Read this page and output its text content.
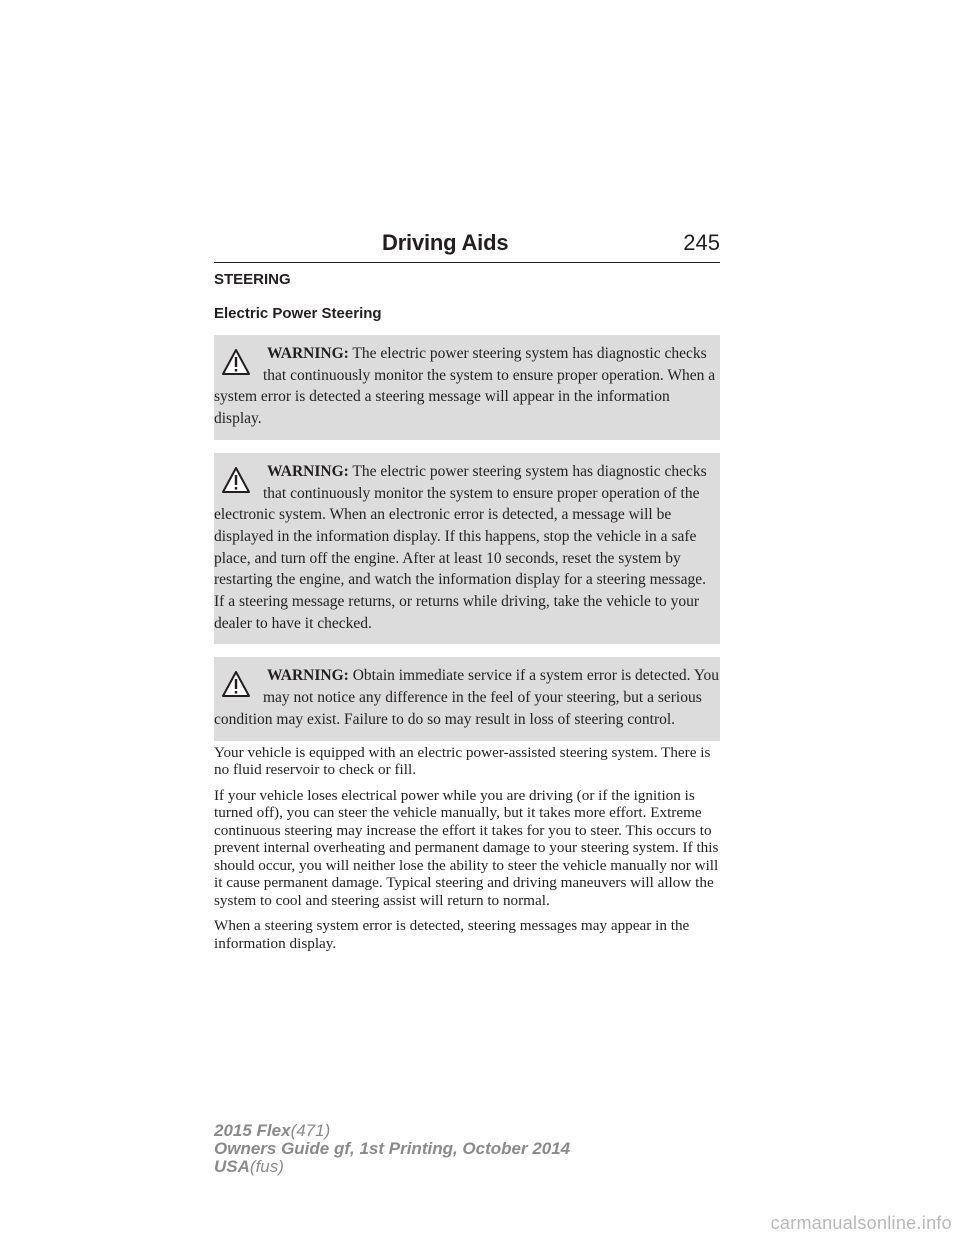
Driving Aids	245
STEERING
Electric Power Steering
WARNING: The electric power steering system has diagnostic checks that continuously monitor the system to ensure proper operation. When a system error is detected a steering message will appear in the information display.
WARNING: The electric power steering system has diagnostic checks that continuously monitor the system to ensure proper operation of the electronic system. When an electronic error is detected, a message will be displayed in the information display. If this happens, stop the vehicle in a safe place, and turn off the engine. After at least 10 seconds, reset the system by restarting the engine, and watch the information display for a steering message. If a steering message returns, or returns while driving, take the vehicle to your dealer to have it checked.
WARNING: Obtain immediate service if a system error is detected. You may not notice any difference in the feel of your steering, but a serious condition may exist. Failure to do so may result in loss of steering control.

Your vehicle is equipped with an electric power-assisted steering system. There is no fluid reservoir to check or fill.

If your vehicle loses electrical power while you are driving (or if the ignition is turned off), you can steer the vehicle manually, but it takes more effort. Extreme continuous steering may increase the effort it takes for you to steer. This occurs to prevent internal overheating and permanent damage to your steering system. If this should occur, you will neither lose the ability to steer the vehicle manually nor will it cause permanent damage. Typical steering and driving maneuvers will allow the system to cool and steering assist will return to normal.

When a steering system error is detected, steering messages may appear in the information display.

2015 Flex(471)
Owners Guide gf, 1st Printing, October 2014
USA(fus)
carmanualsonline.info
